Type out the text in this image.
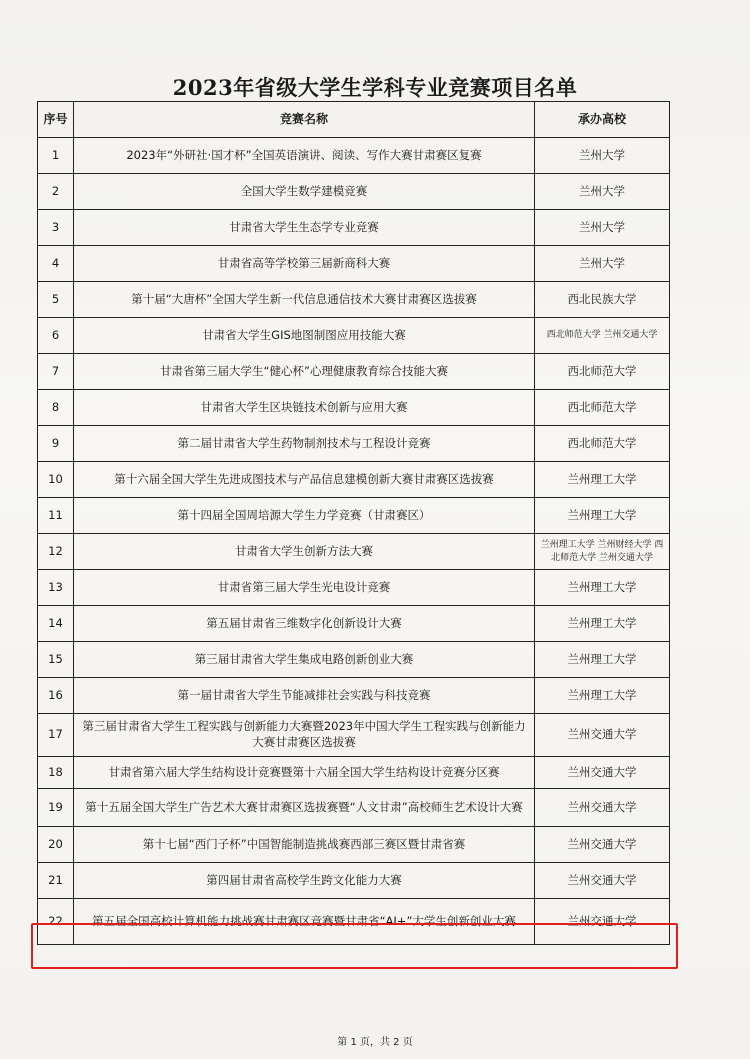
2023年省级大学生学科专业竞赛项目名单
序号	竞赛名称	承办高校
1	2023年“外研社·国才杯”全国英语演讲、阅读、写作大赛甘肃赛区复赛	兰州大学
2	全国大学生数学建模竞赛	兰州大学
3	甘肃省大学生生态学专业竞赛	兰州大学
4	甘肃省高等学校第三届新商科大赛	兰州大学
5	第十届“大唐杯”全国大学生新一代信息通信技术大赛甘肃赛区选拔赛	西北民族大学
6	甘肃省大学生GIS地图制图应用技能大赛	西北师范大学 兰州交通大学
7	甘肃省第三届大学生“健心杯”心理健康教育综合技能大赛	西北师范大学
8	甘肃省大学生区块链技术创新与应用大赛	西北师范大学
9	第二届甘肃省大学生药物制剂技术与工程设计竞赛	西北师范大学
10	第十六届全国大学生先进成图技术与产品信息建模创新大赛甘肃赛区选拔赛	兰州理工大学
11	第十四届全国周培源大学生力学竞赛（甘肃赛区）	兰州理工大学
12	甘肃省大学生创新方法大赛	兰州理工大学 兰州财经大学 西北师范大学 兰州交通大学
13	甘肃省第三届大学生光电设计竞赛	兰州理工大学
14	第五届甘肃省三维数字化创新设计大赛	兰州理工大学
15	第三届甘肃省大学生集成电路创新创业大赛	兰州理工大学
16	第一届甘肃省大学生节能减排社会实践与科技竞赛	兰州理工大学
17	第三届甘肃省大学生工程实践与创新能力大赛暨2023年中国大学生工程实践与创新能力大赛甘肃赛区选拔赛	兰州交通大学
18	甘肃省第六届大学生结构设计竞赛暨第十六届全国大学生结构设计竞赛分区赛	兰州交通大学
19	第十五届全国大学生广告艺术大赛甘肃赛区选拔赛暨“人文甘肃”高校师生艺术设计大赛	兰州交通大学
20	第十七届“西门子杯”中国智能制造挑战赛西部三赛区暨甘肃省赛	兰州交通大学
21	第四届甘肃省高校学生跨文化能力大赛	兰州交通大学
22	第五届全国高校计算机能力挑战赛甘肃赛区竞赛暨甘肃省“AI+”大学生创新创业大赛	兰州交通大学
第 1 页，共 2 页
